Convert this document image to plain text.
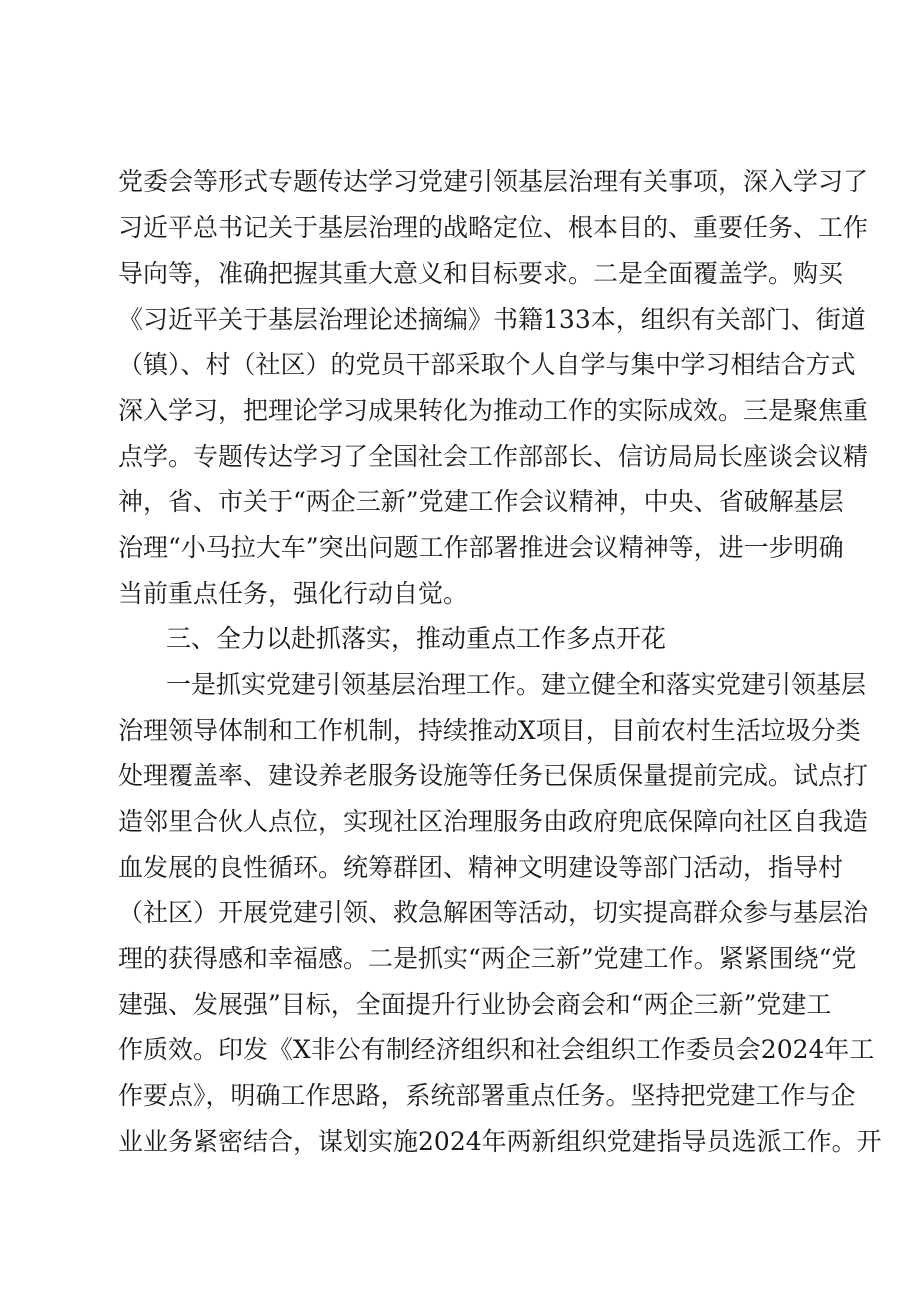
党委会等形式专题传达学习党建引领基层治理有关事项，深入学习了
习近平总书记关于基层治理的战略定位、根本目的、重要任务、工作
导向等，准确把握其重大意义和目标要求。二是全面覆盖学。购买
《习近平关于基层治理论述摘编》书籍133本，组织有关部门、街道
（镇）、村（社区）的党员干部采取个人自学与集中学习相结合方式
深入学习，把理论学习成果转化为推动工作的实际成效。三是聚焦重
点学。专题传达学习了全国社会工作部部长、信访局局长座谈会议精
神，省、市关于“两企三新”党建工作会议精神，中央、省破解基层
治理“小马拉大车”突出问题工作部署推进会议精神等，进一步明确
当前重点任务，强化行动自觉。
三、全力以赴抓落实，推动重点工作多点开花
一是抓实党建引领基层治理工作。建立健全和落实党建引领基层
治理领导体制和工作机制，持续推动X项目，目前农村生活垃圾分类
处理覆盖率、建设养老服务设施等任务已保质保量提前完成。试点打
造邻里合伙人点位，实现社区治理服务由政府兜底保障向社区自我造
血发展的良性循环。统筹群团、精神文明建设等部门活动，指导村
（社区）开展党建引领、救急解困等活动，切实提高群众参与基层治
理的获得感和幸福感。二是抓实“两企三新”党建工作。紧紧围绕“党
建强、发展强”目标，全面提升行业协会商会和“两企三新”党建工
作质效。印发《X非公有制经济组织和社会组织工作委员会2024年工
作要点》，明确工作思路，系统部署重点任务。坚持把党建工作与企
业业务紧密结合，谋划实施2024年两新组织党建指导员选派工作。开
